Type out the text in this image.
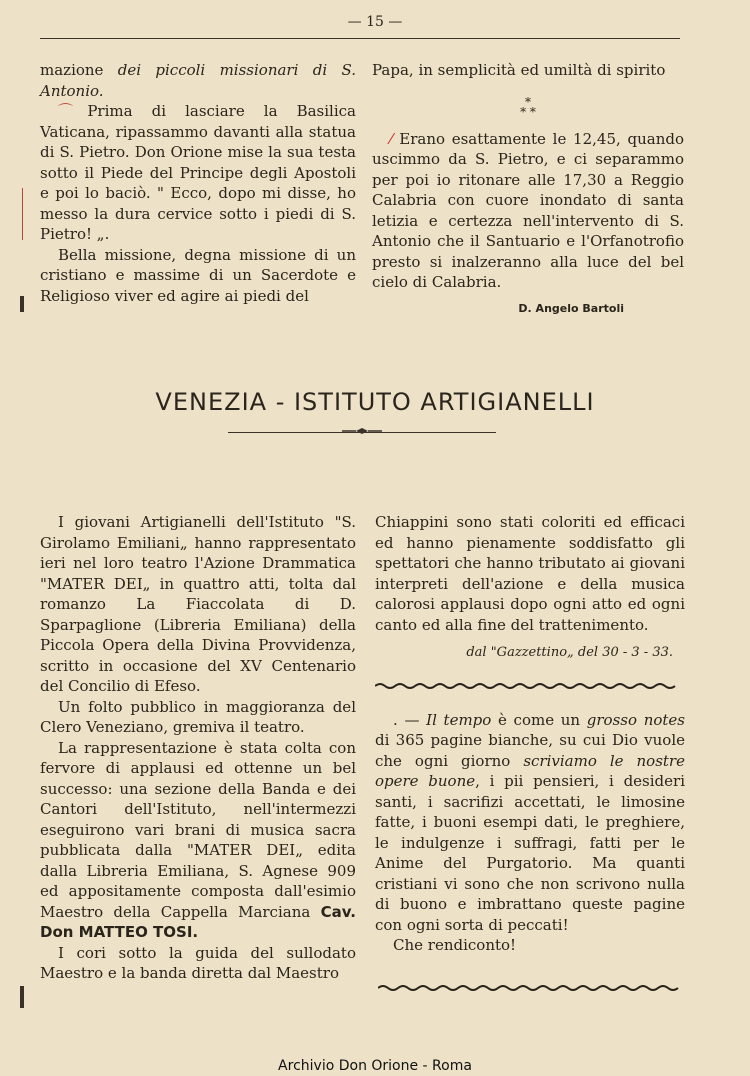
— 15 —

mazione dei piccoli missionari di S. Antonio.

⌒Prima di lasciare la Basilica Vaticana, ripassammo davanti alla statua di S. Pietro. Don Orione mise la sua testa sotto il Piede del Principe degli Apostoli e poi lo baciò. " Ecco, dopo mi disse, ho messo la dura cervice sotto i piedi di S. Pietro! „.

Bella missione, degna missione di un cristiano e massime di un Sacerdote e Religioso viver ed agire ai piedi del

Papa, in semplicità ed umiltà di spirito

*
* *

⁄ Erano esattamente le 12,45, quando uscimmo da S. Pietro, e ci separammo per poi io ritonare alle 17,30 a Reggio Calabria con cuore inondato di santa letizia e certezza nell'intervento di S. Antonio che il Santuario e l'Orfanotrofio presto si inalzeranno alla luce del bel cielo di Calabria.

D. Angelo Bartoli
VENEZIA - ISTITUTO ARTIGIANELLI

I giovani Artigianelli dell'Istituto "S. Girolamo Emiliani„ hanno rappresentato ieri nel loro teatro l'Azione Drammatica "MATER DEI„ in quattro atti, tolta dal romanzo La Fiaccolata di D. Sparpaglione (Libreria Emiliana) della Piccola Opera della Divina Provvidenza, scritto in occasione del XV Centenario del Concilio di Efeso.

Un folto pubblico in maggioranza del Clero Veneziano, gremiva il teatro.

La rappresentazione è stata colta con fervore di applausi ed ottenne un bel successo: una sezione della Banda e dei Cantori dell'Istituto, nell'intermezzi eseguirono vari brani di musica sacra pubblicata dalla "MATER DEI„ edita dalla Libreria Emiliana, S. Agnese 909 ed appositamente composta dall'esimio Maestro della Cappella Marciana Cav. Don MATTEO TOSI.

I cori sotto la guida del sullodato Maestro e la banda diretta dal Maestro

Chiappini sono stati coloriti ed efficaci ed hanno pienamente soddisfatto gli spettatori che hanno tributato ai giovani interpreti dell'azione e della musica calorosi applausi dopo ogni atto ed ogni canto ed alla fine del trattenimento.

dal "Gazzettino„ del 30 - 3 - 33.

. — Il tempo è come un grosso notes di 365 pagine bianche, su cui Dio vuole che ogni giorno scriviamo le nostre opere buone, i pii pensieri, i desideri santi, i sacrifizi accettati, le limosine fatte, i buoni esempi dati, le preghiere, le indulgenze i suffragi, fatti per le Anime del Purgatorio. Ma quanti cristiani vi sono che non scrivono nulla di buono e imbrattano queste pagine con ogni sorta di peccati!

Che rendiconto!

Archivio Don Orione - Roma
